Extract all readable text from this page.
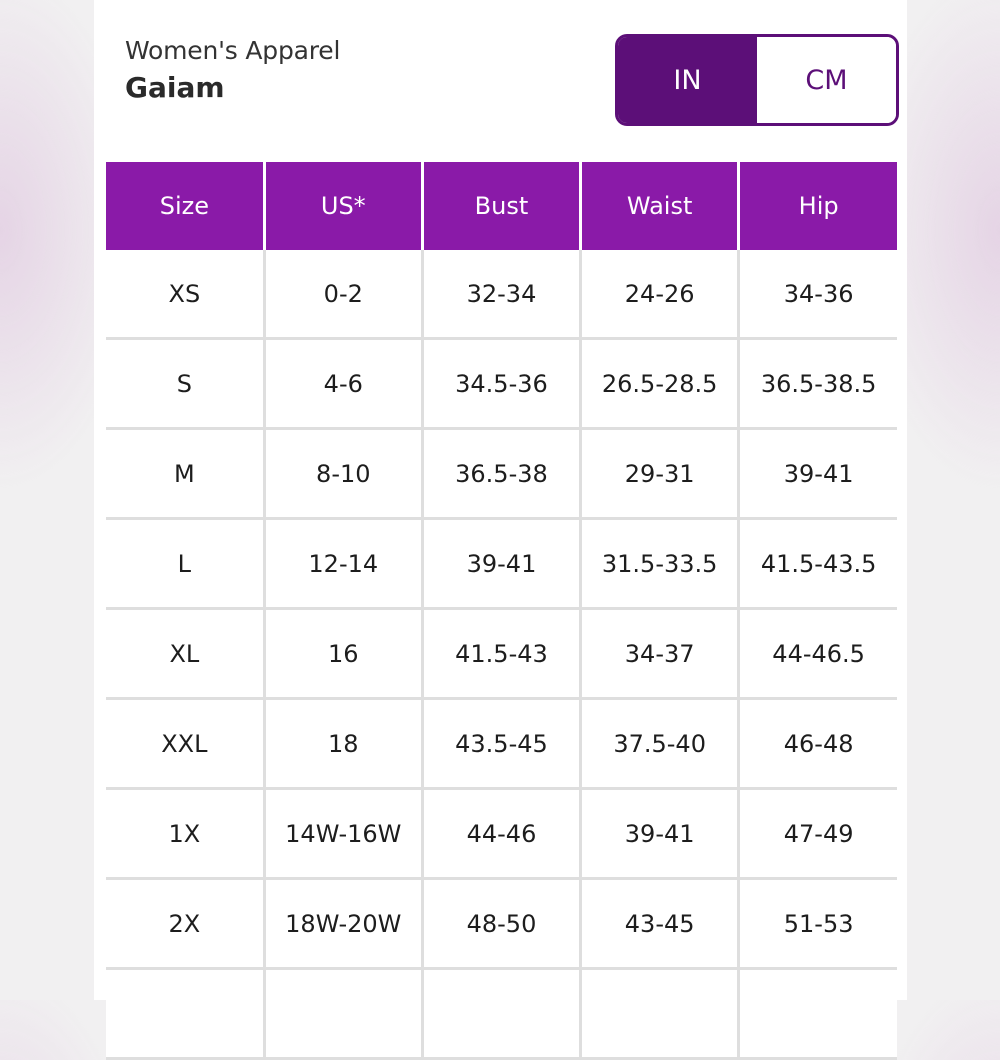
Women's Apparel
Gaiam	IN	CM
Size	US*	Bust	Waist	Hip
XS	0-2	32-34	24-26	34-36
S	4-6	34.5-36	26.5-28.5	36.5-38.5
M	8-10	36.5-38	29-31	39-41
L	12-14	39-41	31.5-33.5	41.5-43.5
XL	16	41.5-43	34-37	44-46.5
XXL	18	43.5-45	37.5-40	46-48
1X	14W-16W	44-46	39-41	47-49
2X	18W-20W	48-50	43-45	51-53
